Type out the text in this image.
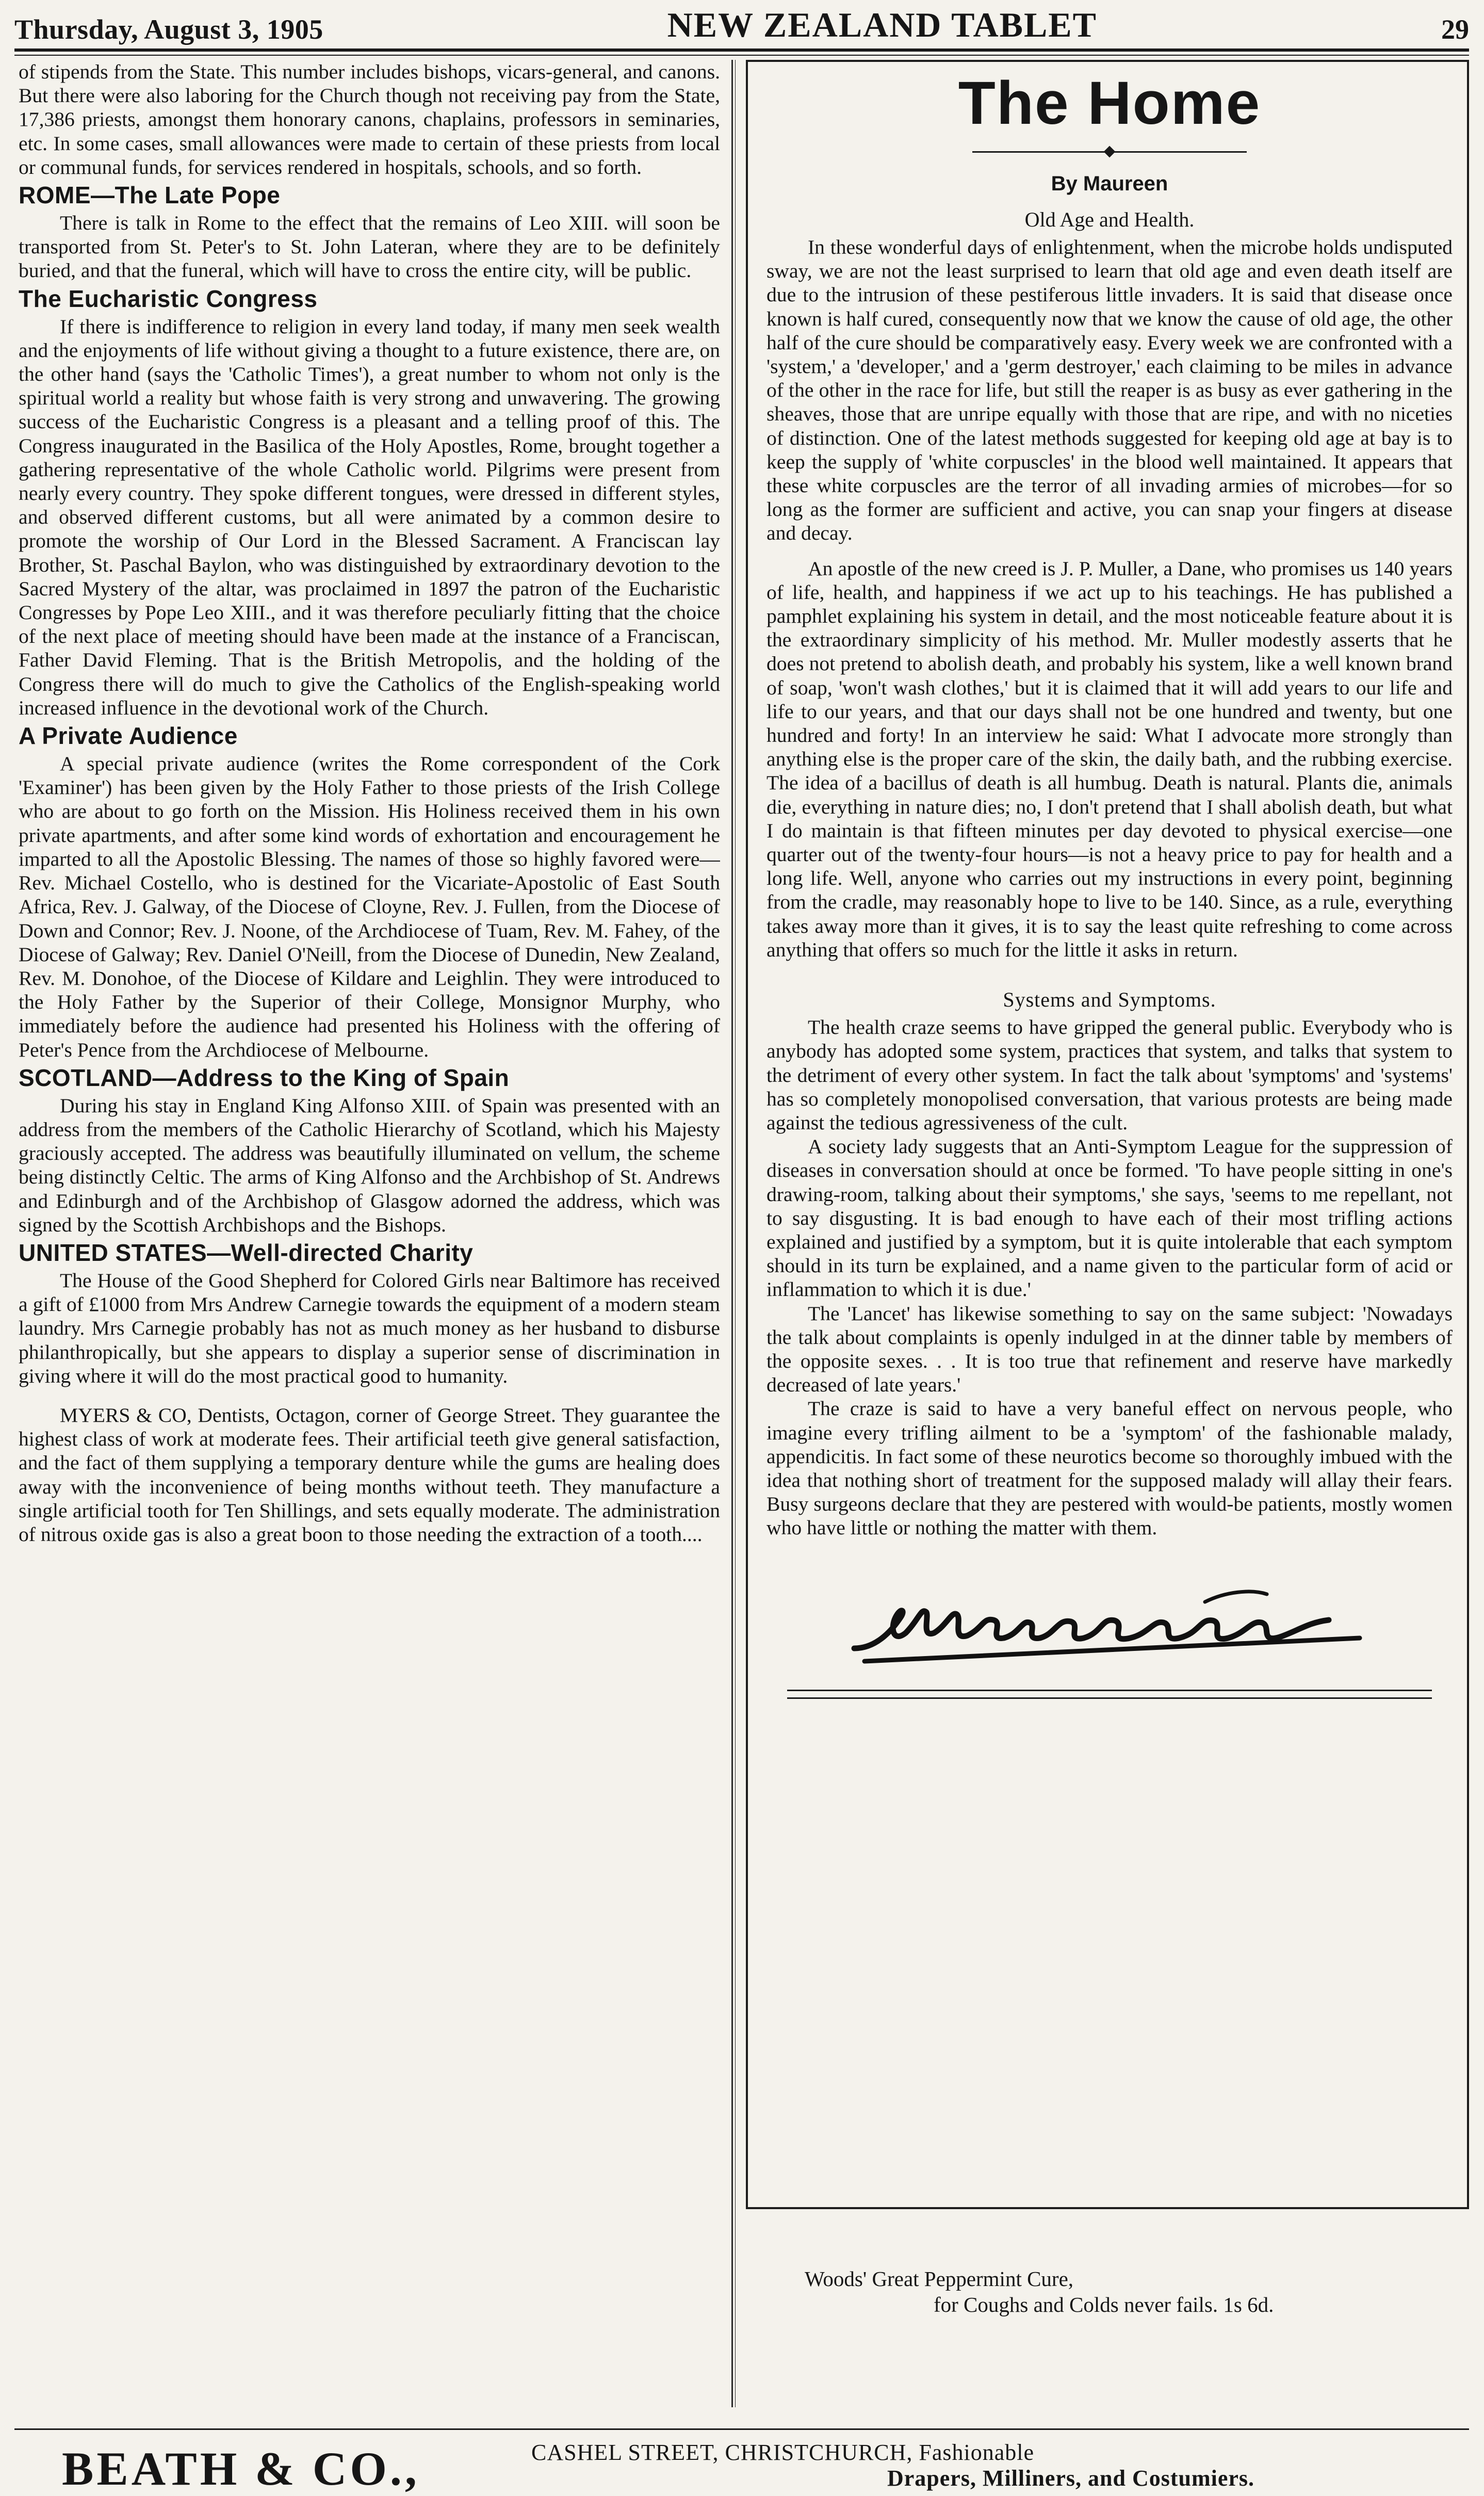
Thursday, August 3, 1905	NEW ZEALAND TABLET	29

of stipends from the State. This number includes bishops, vicars-general, and canons. But there were also laboring for the Church though not receiving pay from the State, 17,386 priests, amongst them honorary canons, chaplains, professors in seminaries, etc. In some cases, small allowances were made to certain of these priests from local or communal funds, for services rendered in hospitals, schools, and so forth.

ROME—The Late Pope

There is talk in Rome to the effect that the remains of Leo XIII. will soon be transported from St. Peter's to St. John Lateran, where they are to be definitely buried, and that the funeral, which will have to cross the entire city, will be public.

The Eucharistic Congress

If there is indifference to religion in every land today, if many men seek wealth and the enjoyments of life without giving a thought to a future existence, there are, on the other hand (says the 'Catholic Times'), a great number to whom not only is the spiritual world a reality but whose faith is very strong and unwavering. The growing success of the Eucharistic Congress is a pleasant and a telling proof of this. The Congress inaugurated in the Basilica of the Holy Apostles, Rome, brought together a gathering representative of the whole Catholic world. Pilgrims were present from nearly every country. They spoke different tongues, were dressed in different styles, and observed different customs, but all were animated by a common desire to promote the worship of Our Lord in the Blessed Sacrament. A Franciscan lay Brother, St. Paschal Baylon, who was distinguished by extraordinary devotion to the Sacred Mystery of the altar, was proclaimed in 1897 the patron of the Eucharistic Congresses by Pope Leo XIII., and it was therefore peculiarly fitting that the choice of the next place of meeting should have been made at the instance of a Franciscan, Father David Fleming. That is the British Metropolis, and the holding of the Congress there will do much to give the Catholics of the English-speaking world increased influence in the devotional work of the Church.

A Private Audience

A special private audience (writes the Rome correspondent of the Cork 'Examiner') has been given by the Holy Father to those priests of the Irish College who are about to go forth on the Mission. His Holiness received them in his own private apartments, and after some kind words of exhortation and encouragement he imparted to all the Apostolic Blessing. The names of those so highly favored were—Rev. Michael Costello, who is destined for the Vicariate-Apostolic of East South Africa, Rev. J. Galway, of the Diocese of Cloyne, Rev. J. Fullen, from the Diocese of Down and Connor; Rev. J. Noone, of the Archdiocese of Tuam, Rev. M. Fahey, of the Diocese of Galway; Rev. Daniel O'Neill, from the Diocese of Dunedin, New Zealand, Rev. M. Donohoe, of the Diocese of Kildare and Leighlin. They were introduced to the Holy Father by the Superior of their College, Monsignor Murphy, who immediately before the audience had presented his Holiness with the offering of Peter's Pence from the Archdiocese of Melbourne.

SCOTLAND—Address to the King of Spain

During his stay in England King Alfonso XIII. of Spain was presented with an address from the members of the Catholic Hierarchy of Scotland, which his Majesty graciously accepted. The address was beautifully illuminated on vellum, the scheme being distinctly Celtic. The arms of King Alfonso and the Archbishop of St. Andrews and Edinburgh and of the Archbishop of Glasgow adorned the address, which was signed by the Scottish Archbishops and the Bishops.

UNITED STATES—Well-directed Charity

The House of the Good Shepherd for Colored Girls near Baltimore has received a gift of £1000 from Mrs Andrew Carnegie towards the equipment of a modern steam laundry. Mrs Carnegie probably has not as much money as her husband to disburse philanthropically, but she appears to display a superior sense of discrimination in giving where it will do the most practical good to humanity.

MYERS & CO, Dentists, Octagon, corner of George Street. They guarantee the highest class of work at moderate fees. Their artificial teeth give general satisfaction, and the fact of them supplying a temporary denture while the gums are healing does away with the inconvenience of being months without teeth. They manufacture a single artificial tooth for Ten Shillings, and sets equally moderate. The administration of nitrous oxide gas is also a great boon to those needing the extraction of a tooth....

The Home
By Maureen

Old Age and Health.

In these wonderful days of enlightenment, when the microbe holds undisputed sway, we are not the least surprised to learn that old age and even death itself are due to the intrusion of these pestiferous little invaders. It is said that disease once known is half cured, consequently now that we know the cause of old age, the other half of the cure should be comparatively easy. Every week we are confronted with a 'system,' a 'developer,' and a 'germ destroyer,' each claiming to be miles in advance of the other in the race for life, but still the reaper is as busy as ever gathering in the sheaves, those that are unripe equally with those that are ripe, and with no niceties of distinction. One of the latest methods suggested for keeping old age at bay is to keep the supply of 'white corpuscles' in the blood well maintained. It appears that these white corpuscles are the terror of all invading armies of microbes—for so long as the former are sufficient and active, you can snap your fingers at disease and decay.

An apostle of the new creed is J. P. Muller, a Dane, who promises us 140 years of life, health, and happiness if we act up to his teachings. He has published a pamphlet explaining his system in detail, and the most noticeable feature about it is the extraordinary simplicity of his method. Mr. Muller modestly asserts that he does not pretend to abolish death, and probably his system, like a well known brand of soap, 'won't wash clothes,' but it is claimed that it will add years to our life and life to our years, and that our days shall not be one hundred and twenty, but one hundred and forty! In an interview he said: What I advocate more strongly than anything else is the proper care of the skin, the daily bath, and the rubbing exercise. The idea of a bacillus of death is all humbug. Death is natural. Plants die, animals die, everything in nature dies; no, I don't pretend that I shall abolish death, but what I do maintain is that fifteen minutes per day devoted to physical exercise—one quarter out of the twenty-four hours—is not a heavy price to pay for health and a long life. Well, anyone who carries out my instructions in every point, beginning from the cradle, may reasonably hope to live to be 140. Since, as a rule, everything takes away more than it gives, it is to say the least quite refreshing to come across anything that offers so much for the little it asks in return.

Systems and Symptoms.

The health craze seems to have gripped the general public. Everybody who is anybody has adopted some system, practices that system, and talks that system to the detriment of every other system. In fact the talk about 'symptoms' and 'systems' has so completely monopolised conversation, that various protests are being made against the tedious agressiveness of the cult.

A society lady suggests that an Anti-Symptom League for the suppression of diseases in conversation should at once be formed. 'To have people sitting in one's drawing-room, talking about their symptoms,' she says, 'seems to me repellant, not to say disgusting. It is bad enough to have each of their most trifling actions explained and justified by a symptom, but it is quite intolerable that each symptom should in its turn be explained, and a name given to the particular form of acid or inflammation to which it is due.'

The 'Lancet' has likewise something to say on the same subject: 'Nowadays the talk about complaints is openly indulged in at the dinner table by members of the opposite sexes. . . It is too true that refinement and reserve have markedly decreased of late years.'

The craze is said to have a very baneful effect on nervous people, who imagine every trifling ailment to be a 'symptom' of the fashionable malady, appendicitis. In fact some of these neurotics become so thoroughly imbued with the idea that nothing short of treatment for the supposed malady will allay their fears. Busy surgeons declare that they are pestered with would-be patients, mostly women who have little or nothing the matter with them.

Woods' Great Peppermint Cure,
for Coughs and Colds never fails. 1s 6d.
BEATH & CO.,	CASHEL STREET, CHRISTCHURCH, Fashionable
Drapers, Milliners, and Costumiers.
